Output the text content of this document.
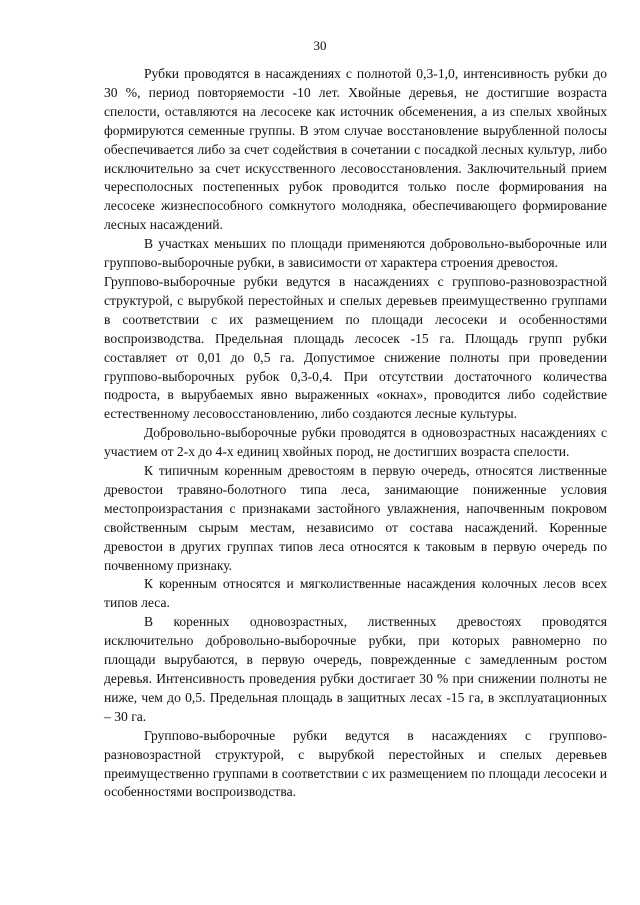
30

Рубки проводятся в насаждениях с полнотой 0,3-1,0, интенсивность рубки до 30 %, период повторяемости -10 лет. Хвойные деревья, не достигшие возраста спелости, оставляются на лесосеке как источник обсеменения, а из спелых хвойных формируются семенные группы. В этом случае восстановление вырубленной полосы обеспечивается либо за счет содействия в сочетании с посадкой лесных культур, либо исключительно за счет искусственного лесовосстановления. Заключительный прием чересполосных постепенных рубок проводится только после формирования на лесосеке жизнеспособного сомкнутого молодняка, обеспечивающего формирование лесных насаждений.

В участках меньших по площади применяются добровольно-выборочные или группово-выборочные рубки, в зависимости от характера строения древостоя.

Группово-выборочные рубки ведутся в насаждениях с группово-разновозрастной структурой, с вырубкой перестойных и спелых деревьев преимущественно группами в соответствии с их размещением по площади лесосеки и особенностями воспроизводства. Предельная площадь лесосек -15 га. Площадь групп рубки составляет от 0,01 до 0,5 га. Допустимое снижение полноты при проведении группово-выборочных рубок 0,3-0,4. При отсутствии достаточного количества подроста, в вырубаемых явно выраженных «окнах», проводится либо содействие естественному лесовосстановлению, либо создаются лесные культуры.

Добровольно-выборочные рубки проводятся в одновозрастных насаждениях с участием от 2-х до 4-х единиц хвойных пород, не достигших возраста спелости.

К типичным коренным древостоям в первую очередь, относятся лиственные древостои травяно-болотного типа леса, занимающие пониженные условия местопроизрастания с признаками застойного увлажнения, напочвенным покровом свойственным сырым местам, независимо от состава насаждений. Коренные древостои в других группах типов леса относятся к таковым в первую очередь по почвенному признаку.

К коренным относятся и мягколиственные насаждения колочных лесов всех типов леса.

В коренных одновозрастных, лиственных древостоях проводятся исключительно добровольно-выборочные рубки, при которых равномерно по площади вырубаются, в первую очередь, поврежденные с замедленным ростом деревья. Интенсивность проведения рубки достигает 30 % при снижении полноты не ниже, чем до 0,5. Предельная площадь в защитных лесах -15 га, в эксплуатационных – 30 га.

Группово-выборочные рубки ведутся в насаждениях с группово-разновозрастной структурой, с вырубкой перестойных и спелых деревьев преимущественно группами в соответствии с их размещением по площади лесосеки и особенностями воспроизводства.
